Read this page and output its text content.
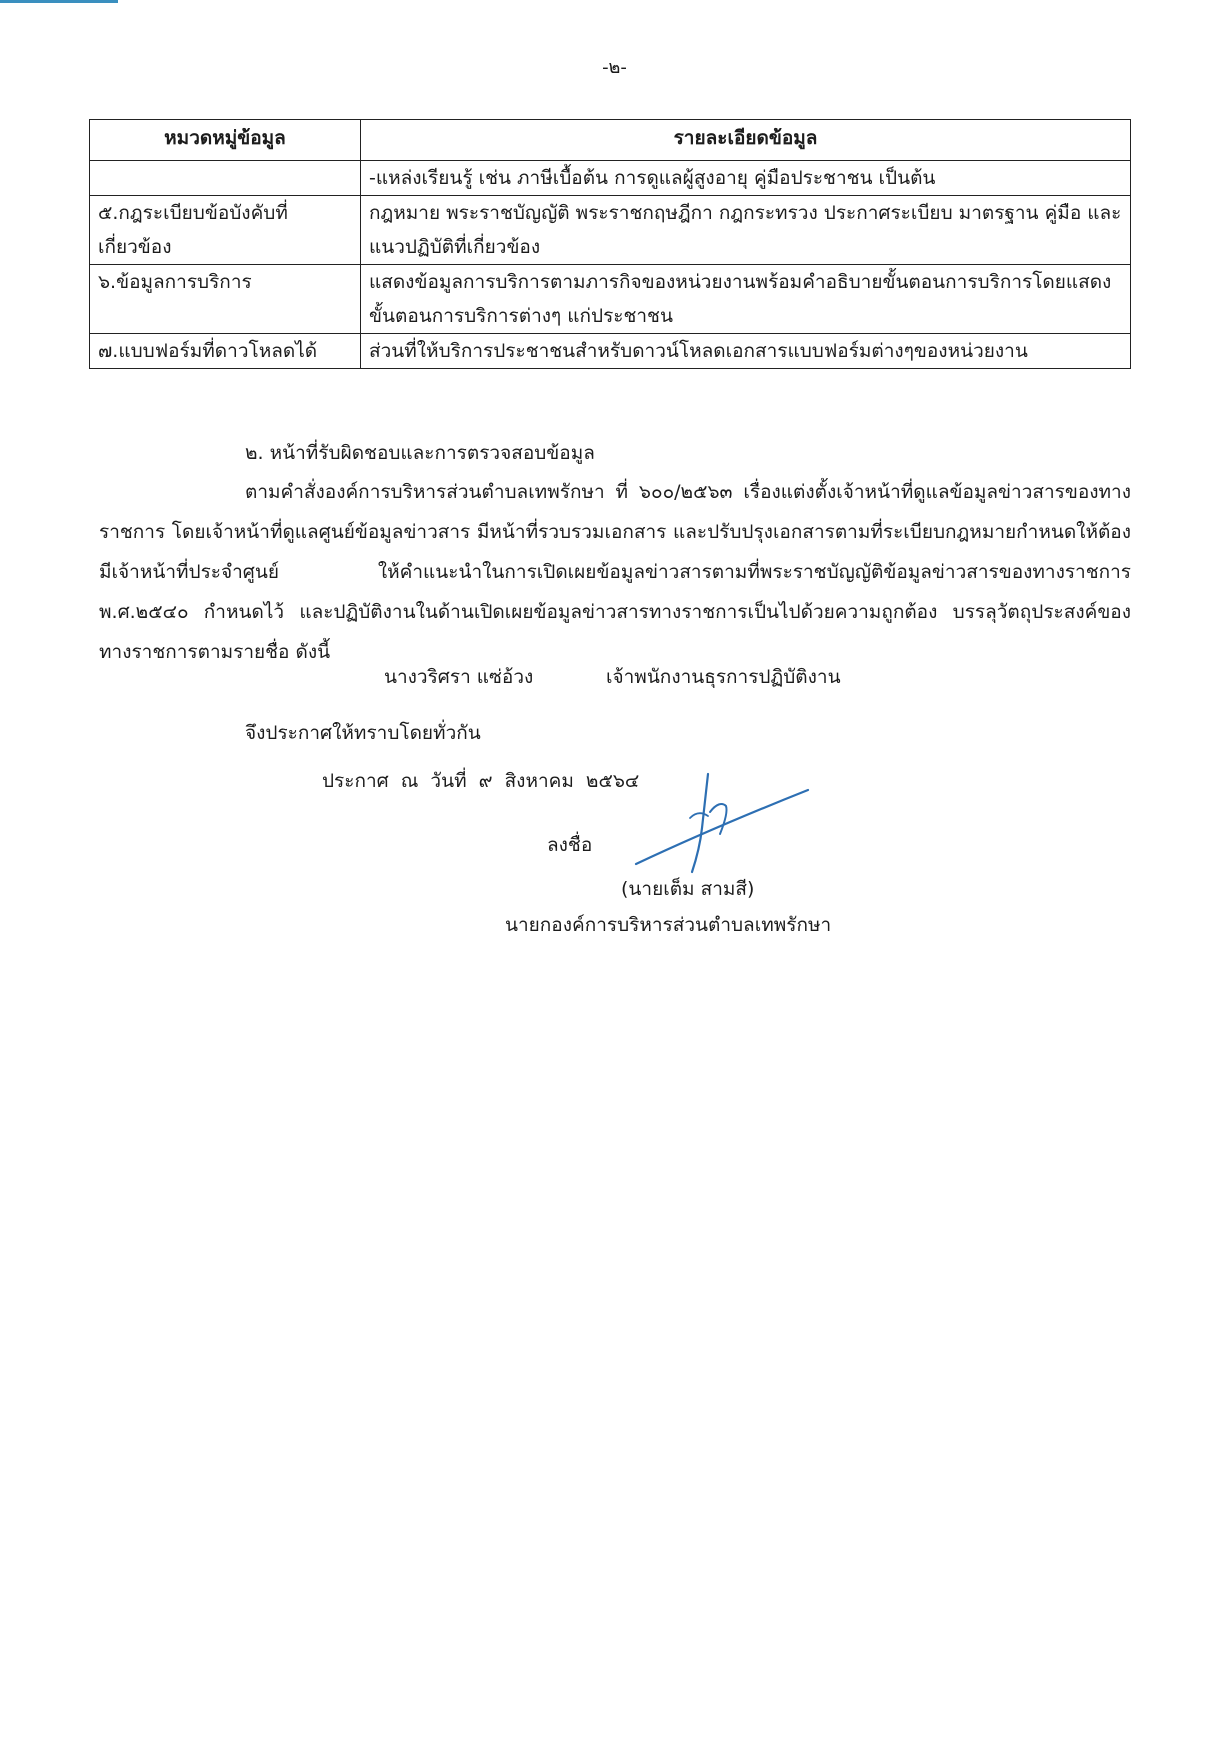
-๒-
หมวดหมู่ข้อมูล	รายละเอียดข้อมูล
	-แหล่งเรียนรู้ เช่น ภาษีเบื้อต้น การดูแลผู้สูงอายุ คู่มือประชาชน เป็นต้น
๕.กฎระเบียบข้อบังคับที่เกี่ยวข้อง	กฎหมาย พระราชบัญญัติ พระราชกฤษฎีกา กฎกระทรวง ประกาศระเบียบ มาตรฐาน คู่มือ และแนวปฏิบัติที่เกี่ยวข้อง
๖.ข้อมูลการบริการ	แสดงข้อมูลการบริการตามภารกิจของหน่วยงานพร้อมคำอธิบายขั้นตอนการบริการโดยแสดงขั้นตอนการบริการต่างๆ แก่ประชาชน
๗.แบบฟอร์มที่ดาวโหลดได้	ส่วนที่ให้บริการประชาชนสำหรับดาวน์โหลดเอกสารแบบฟอร์มต่างๆของหน่วยงาน
๒. หน้าที่รับผิดชอบและการตรวจสอบข้อมูล

ตามคำสั่งองค์การบริหารส่วนตำบลเทพรักษา ที่ ๖๐๐/๒๕๖๓ เรื่องแต่งตั้งเจ้าหน้าที่ดูแลข้อมูลข่าวสารของทางราชการ โดยเจ้าหน้าที่ดูแลศูนย์ข้อมูลข่าวสาร มีหน้าที่รวบรวมเอกสาร และปรับปรุงเอกสารตามที่ระเบียบกฎหมายกำหนดให้ต้องมีเจ้าหน้าที่ประจำศูนย์ ให้คำแนะนำในการเปิดเผยข้อมูลข่าวสารตามที่พระราชบัญญัติข้อมูลข่าวสารของทางราชการ พ.ศ.๒๕๔๐ กำหนดไว้ และปฏิบัติงานในด้านเปิดเผยข้อมูลข่าวสารทางราชการเป็นไปด้วยความถูกต้อง บรรลุวัตถุประสงค์ของทางราชการตามรายชื่อ ดังนี้

นางวริศรา แซ่อ้วง	เจ้าพนักงานธุรการปฏิบัติงาน
จึงประกาศให้ทราบโดยทั่วกัน
ประกาศ ณ วันที่ ๙ สิงหาคม ๒๕๖๔
ลงชื่อ
(นายเต็ม สามสี)
นายกองค์การบริหารส่วนตำบลเทพรักษา
